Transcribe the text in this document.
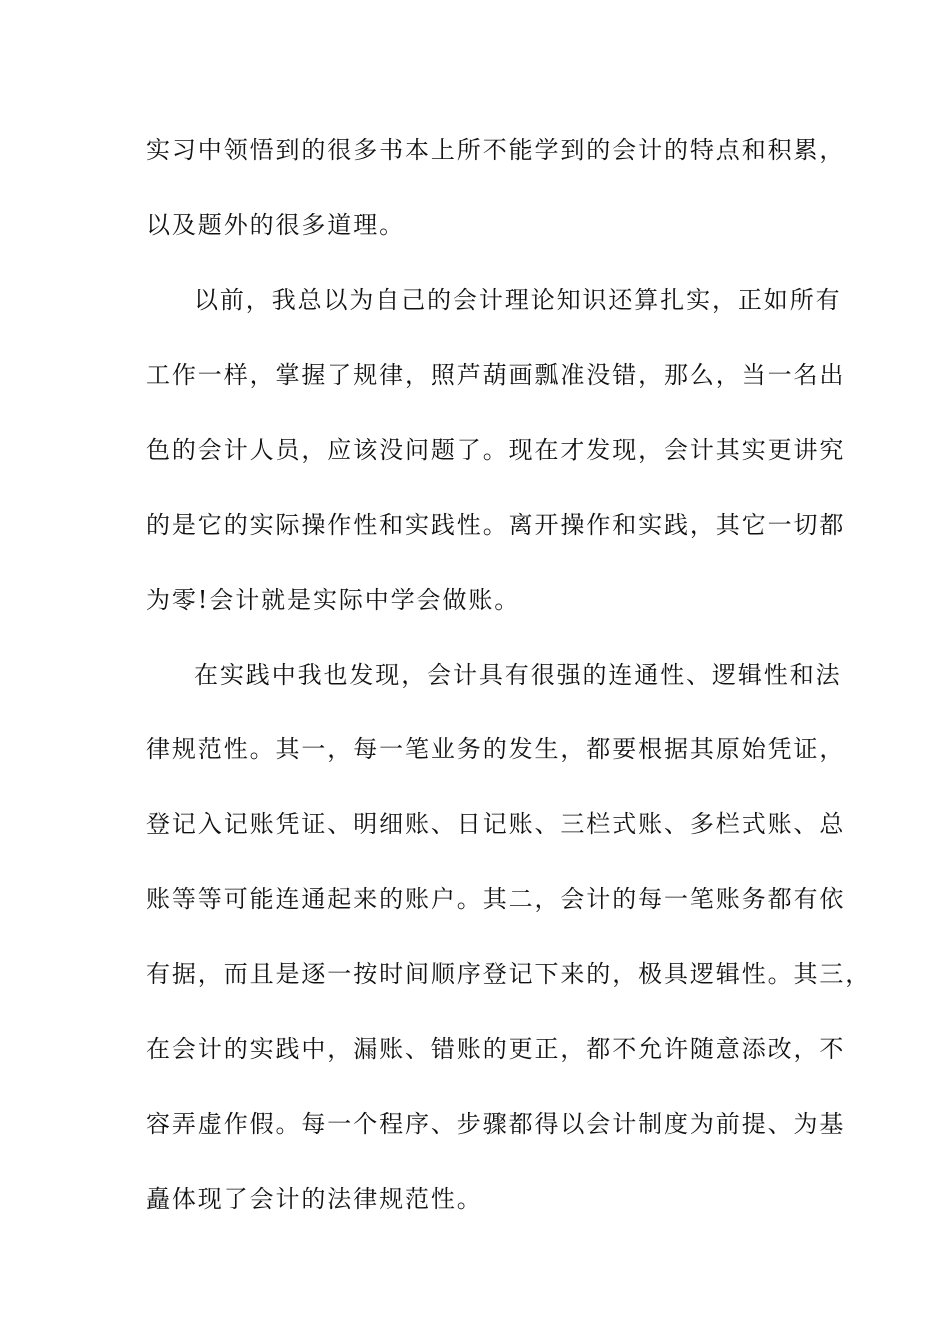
实习中领悟到的很多书本上所不能学到的会计的特点和积累，

以及题外的很多道理。

以前，我总以为自己的会计理论知识还算扎实，正如所有

工作一样，掌握了规律，照芦葫画瓢准没错，那么，当一名出

色的会计人员，应该没问题了。现在才发现，会计其实更讲究

的是它的实际操作性和实践性。离开操作和实践，其它一切都

为零!会计就是实际中学会做账。

在实践中我也发现，会计具有很强的连通性、逻辑性和法

律规范性。其一，每一笔业务的发生，都要根据其原始凭证，

登记入记账凭证、明细账、日记账、三栏式账、多栏式账、总

账等等可能连通起来的账户。其二，会计的每一笔账务都有依

有据，而且是逐一按时间顺序登记下来的，极具逻辑性。其三，

在会计的实践中，漏账、错账的更正，都不允许随意添改，不

容弄虚作假。每一个程序、步骤都得以会计制度为前提、为基

矗体现了会计的法律规范性。
